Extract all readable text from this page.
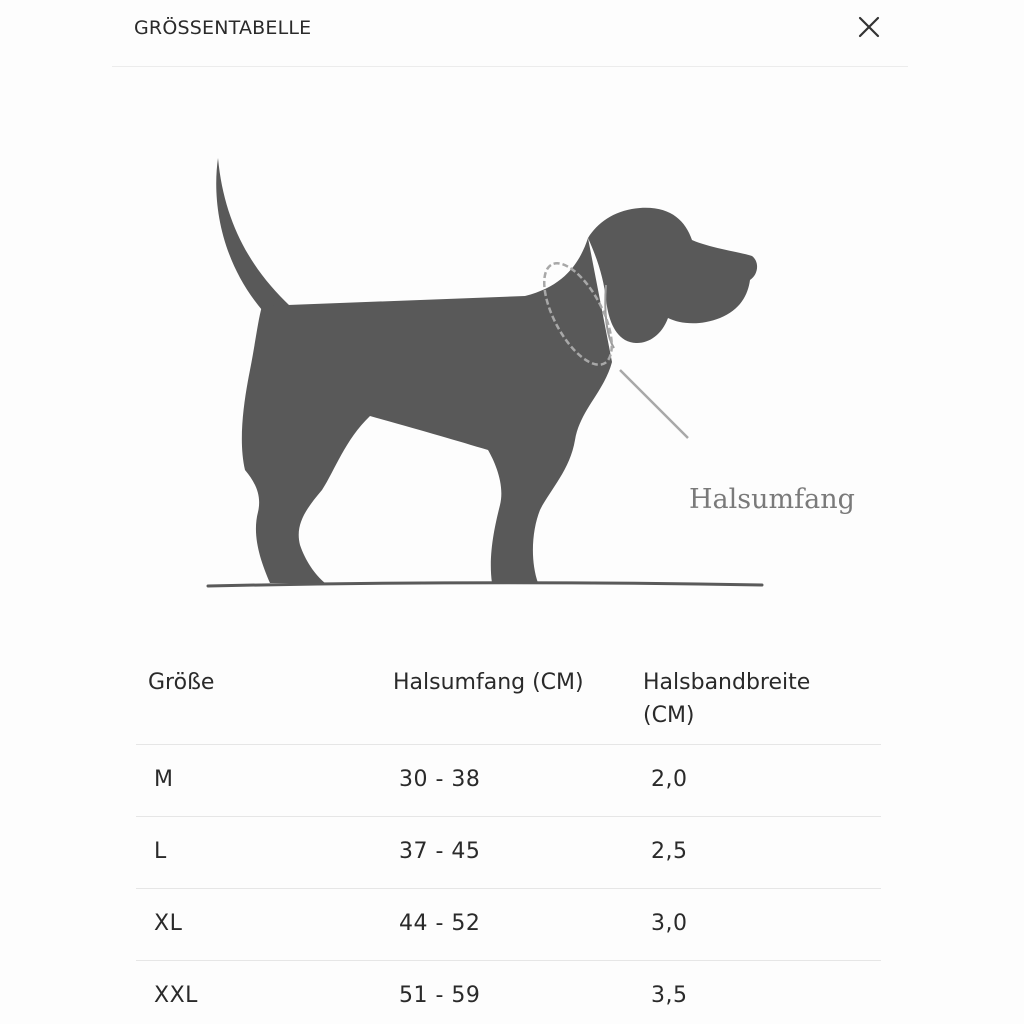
GRÖSSENTABELLE
Halsumfang
Größe	Halsumfang (CM)	Halsbandbreite (CM)
M	30 - 38	2,0
L	37 - 45	2,5
XL	44 - 52	3,0
XXL	51 - 59	3,5
